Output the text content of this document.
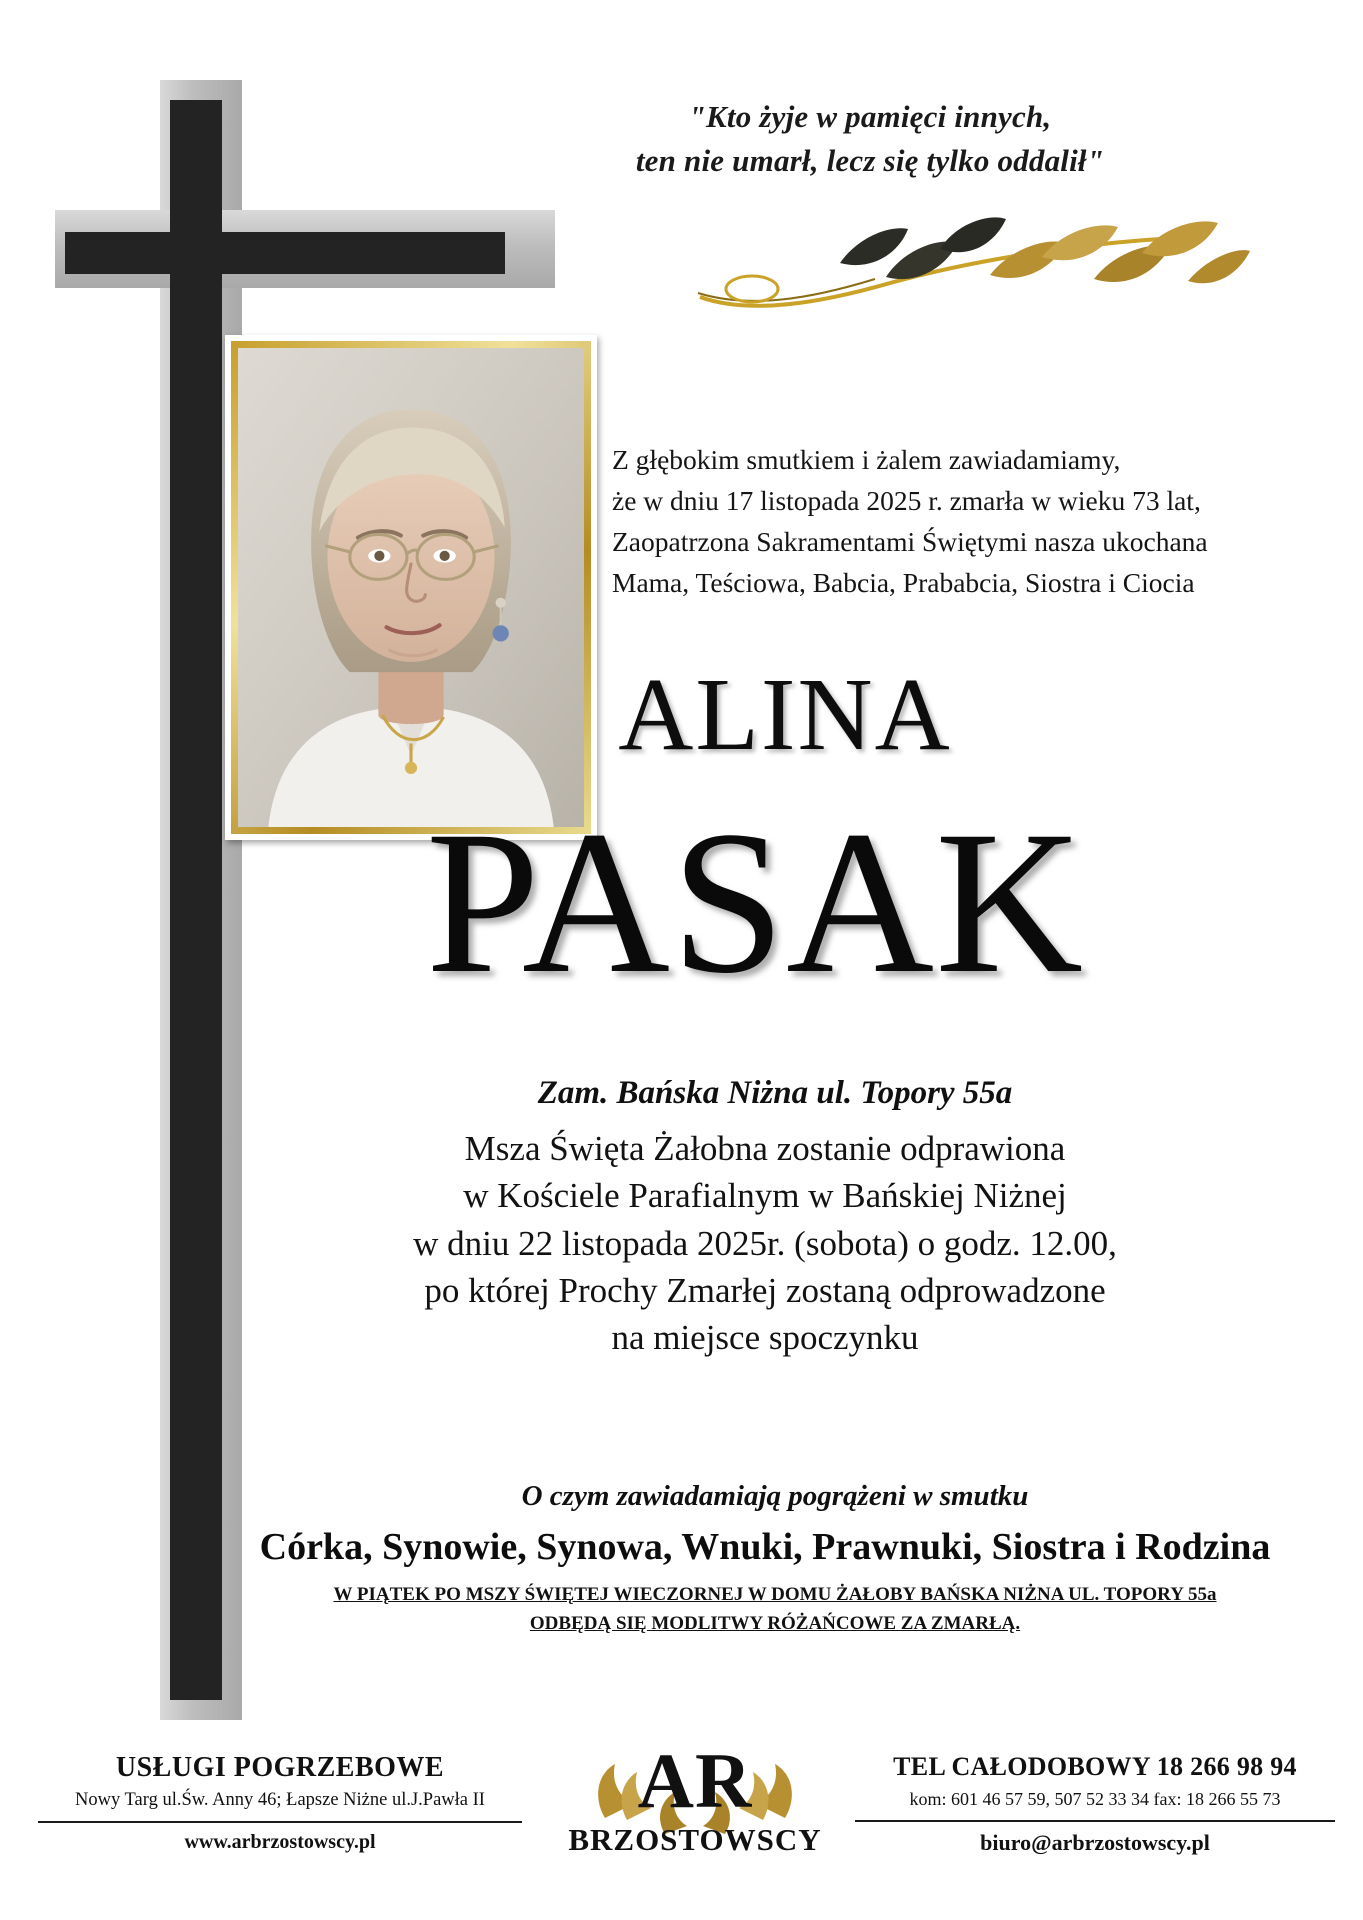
"Kto żyje w pamięci innych,
ten nie umarł, lecz się tylko oddalił"
Z głębokim smutkiem i żalem zawiadamiamy,
że w dniu 17 listopada 2025 r. zmarła w wieku 73 lat,
Zaopatrzona Sakramentami Świętymi nasza ukochana
Mama, Teściowa, Babcia, Prababcia, Siostra i Ciocia
ALINA
PASAK
Zam. Bańska Niżna ul. Topory 55a
Msza Święta Żałobna zostanie odprawiona
w Kościele Parafialnym w Bańskiej Niżnej
w dniu 22 listopada 2025r. (sobota) o godz. 12.00,
po której Prochy Zmarłej zostaną odprowadzone
na miejsce spoczynku
O czym zawiadamiają pogrążeni w smutku
Córka, Synowie, Synowa, Wnuki, Prawnuki, Siostra i Rodzina
W PIĄTEK PO MSZY ŚWIĘTEJ WIECZORNEJ W DOMU ŻAŁOBY BAŃSKA NIŻNA UL. TOPORY 55a
ODBĘDĄ SIĘ MODLITWY RÓŻAŃCOWE ZA ZMARŁĄ.
USŁUGI POGRZEBOWE
Nowy Targ ul.Św. Anny 46; Łapsze Niżne ul.J.Pawła II
www.arbrzostowscy.pl
AR
BRZOSTOWSCY
TEL CAŁODOBOWY 18 266 98 94
kom: 601 46 57 59, 507 52 33 34 fax: 18 266 55 73
biuro@arbrzostowscy.pl
